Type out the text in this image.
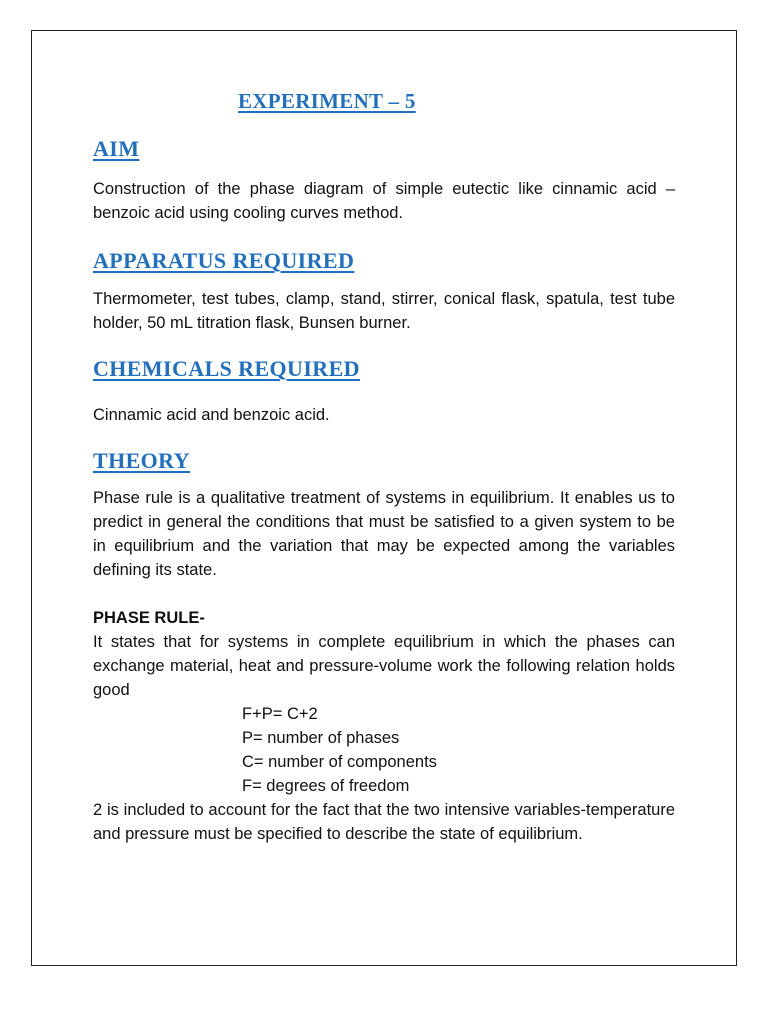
EXPERIMENT – 5
AIM

Construction of the phase diagram of simple eutectic like cinnamic acid – benzoic acid using cooling curves method.

APPARATUS REQUIRED

Thermometer, test tubes, clamp, stand, stirrer, conical flask, spatula, test tube holder, 50 mL titration flask, Bunsen burner.

CHEMICALS REQUIRED

Cinnamic acid and benzoic acid.

THEORY

Phase rule is a qualitative treatment of systems in equilibrium. It enables us to predict in general the conditions that must be satisfied to a given system to be in equilibrium and the variation that may be expected among the variables defining its state.

PHASE RULE-

It states that for systems in complete equilibrium in which the phases can exchange material, heat and pressure-volume work the following relation holds good

F+P= C+2

P= number of phases

C= number of components

F= degrees of freedom

2 is included to account for the fact that the two intensive variables-temperature and pressure must be specified to describe the state of equilibrium.
